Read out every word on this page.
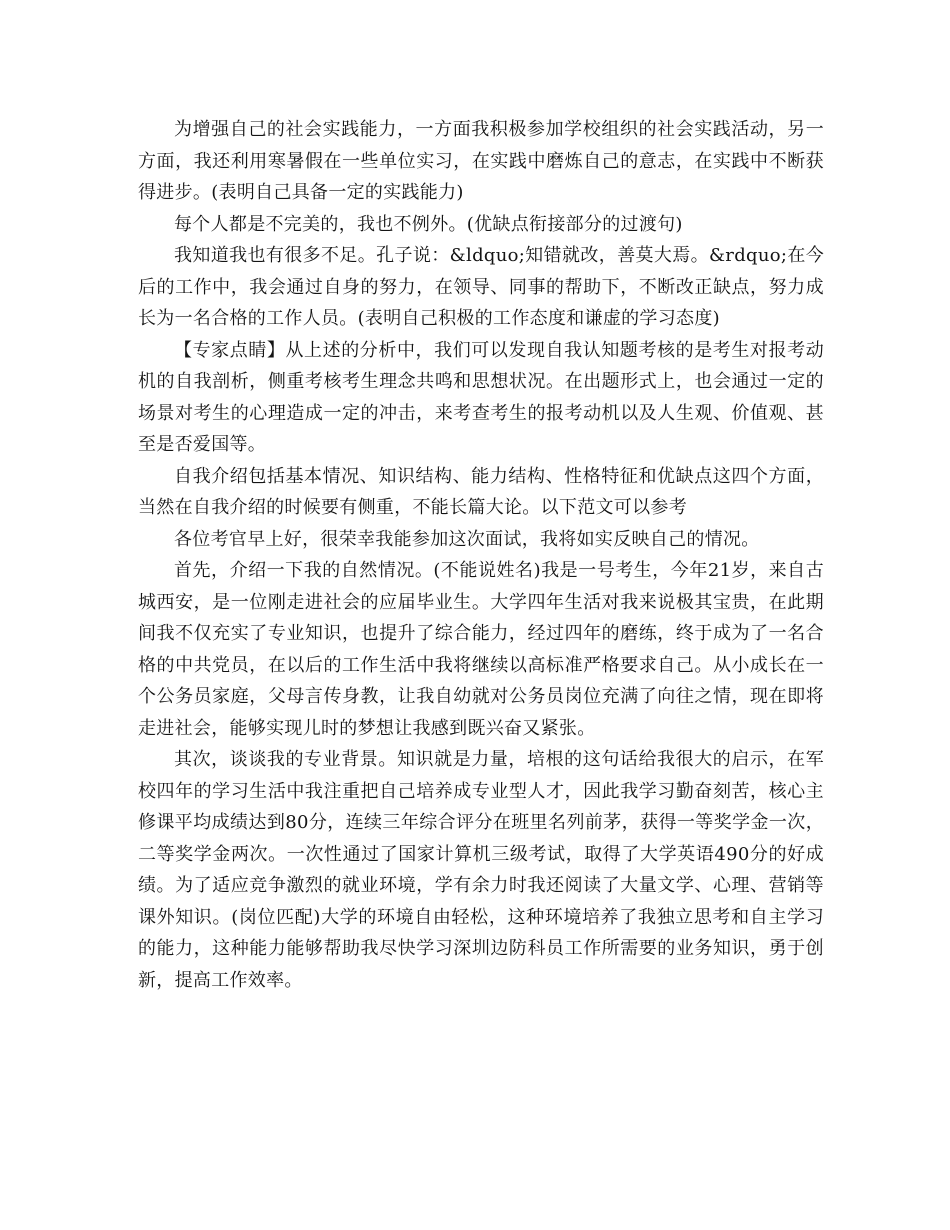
为增强自己的社会实践能力，一方面我积极参加学校组织的社会实践活动，另一方面，我还利用寒暑假在一些单位实习，在实践中磨炼自己的意志，在实践中不断获得进步。(表明自己具备一定的实践能力)

每个人都是不完美的，我也不例外。(优缺点衔接部分的过渡句)

我知道我也有很多不足。孔子说：&ldquo;知错就改，善莫大焉。&rdquo;在今后的工作中，我会通过自身的努力，在领导、同事的帮助下，不断改正缺点，努力成长为一名合格的工作人员。(表明自己积极的工作态度和谦虚的学习态度)

【专家点睛】从上述的分析中，我们可以发现自我认知题考核的是考生对报考动机的自我剖析，侧重考核考生理念共鸣和思想状况。在出题形式上，也会通过一定的场景对考生的心理造成一定的冲击，来考查考生的报考动机以及人生观、价值观、甚至是否爱国等。

自我介绍包括基本情况、知识结构、能力结构、性格特征和优缺点这四个方面，当然在自我介绍的时候要有侧重，不能长篇大论。以下范文可以参考

各位考官早上好，很荣幸我能参加这次面试，我将如实反映自己的情况。

首先，介绍一下我的自然情况。(不能说姓名)我是一号考生，今年21岁，来自古城西安，是一位刚走进社会的应届毕业生。大学四年生活对我来说极其宝贵，在此期间我不仅充实了专业知识，也提升了综合能力，经过四年的磨练，终于成为了一名合格的中共党员，在以后的工作生活中我将继续以高标准严格要求自己。从小成长在一个公务员家庭，父母言传身教，让我自幼就对公务员岗位充满了向往之情，现在即将走进社会，能够实现儿时的梦想让我感到既兴奋又紧张。

其次，谈谈我的专业背景。知识就是力量，培根的这句话给我很大的启示，在军校四年的学习生活中我注重把自己培养成专业型人才，因此我学习勤奋刻苦，核心主修课平均成绩达到80分，连续三年综合评分在班里名列前茅，获得一等奖学金一次，二等奖学金两次。一次性通过了国家计算机三级考试，取得了大学英语490分的好成绩。为了适应竞争激烈的就业环境，学有余力时我还阅读了大量文学、心理、营销等课外知识。(岗位匹配)大学的环境自由轻松，这种环境培养了我独立思考和自主学习的能力，这种能力能够帮助我尽快学习深圳边防科员工作所需要的业务知识，勇于创新，提高工作效率。
